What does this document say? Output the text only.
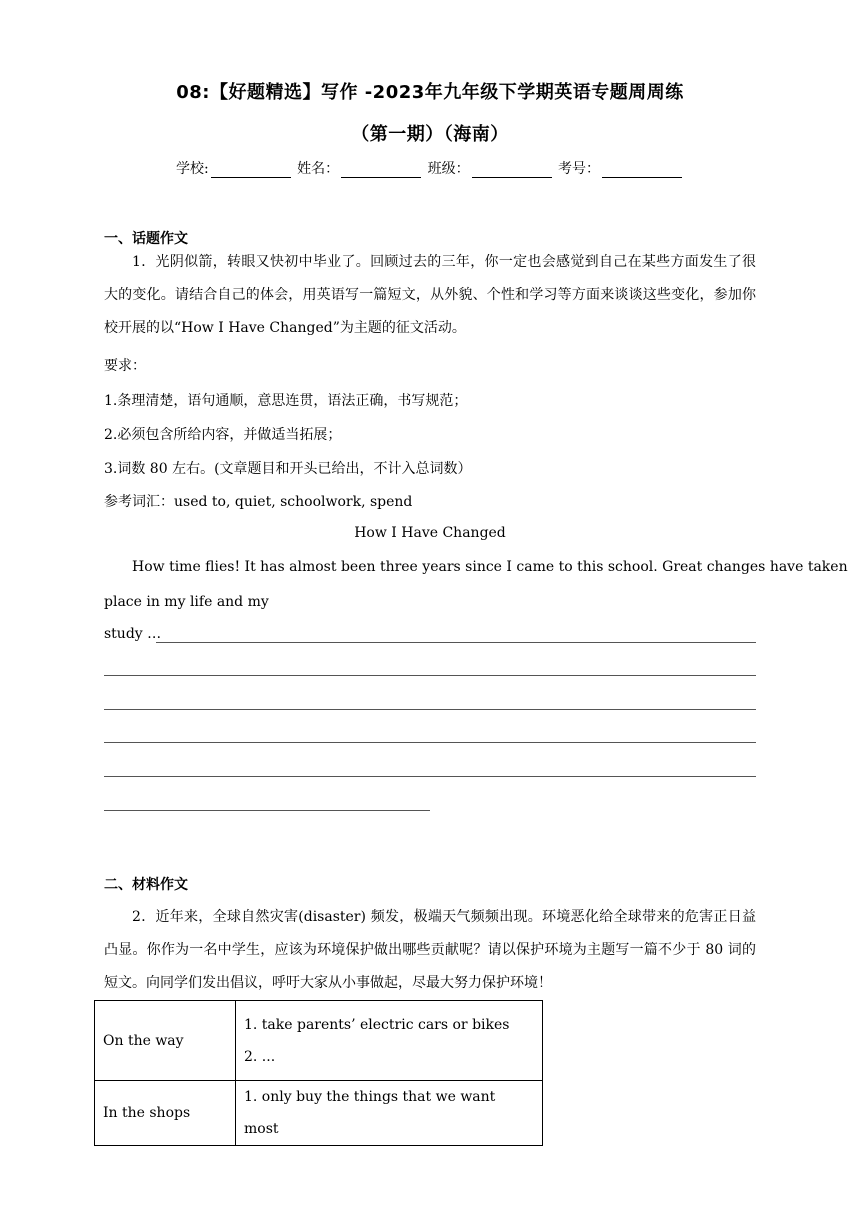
08:【好题精选】写作 -2023年九年级下学期英语专题周周练
（第一期）（海南）
学校:	姓名：	班级：	考号：
一、话题作文
1．光阴似箭，转眼又快初中毕业了。回顾过去的三年，你一定也会感觉到自己在某些方面发生了很大的变化。请结合自己的体会，用英语写一篇短文，从外貌、个性和学习等方面来谈谈这些变化，参加你校开展的以“How I Have Changed”为主题的征文活动。
要求：
1.条理清楚，语句通顺，意思连贯，语法正确，书写规范；
2.必须包含所给内容，并做适当拓展；
3.词数 80 左右。(文章题目和开头已给出，不计入总词数）
参考词汇：used to, quiet, schoolwork, spend
How I Have Changed
How time flies! It has almost been three years since I came to this school. Great changes have taken
place in my life and my
study …
二、材料作文
2．近年来，全球自然灾害(disaster) 频发，极端天气频频出现。环境恶化给全球带来的危害正日益凸显。你作为一名中学生，应该为环境保护做出哪些贡献呢？请以保护环境为主题写一篇不少于 80 词的短文。向同学们发出倡议，呼吁大家从小事做起，尽最大努力保护环境！
On the way	1. take parents’ electric cars or bikes
2. ...

In the shops	1. only buy the things that we want most
